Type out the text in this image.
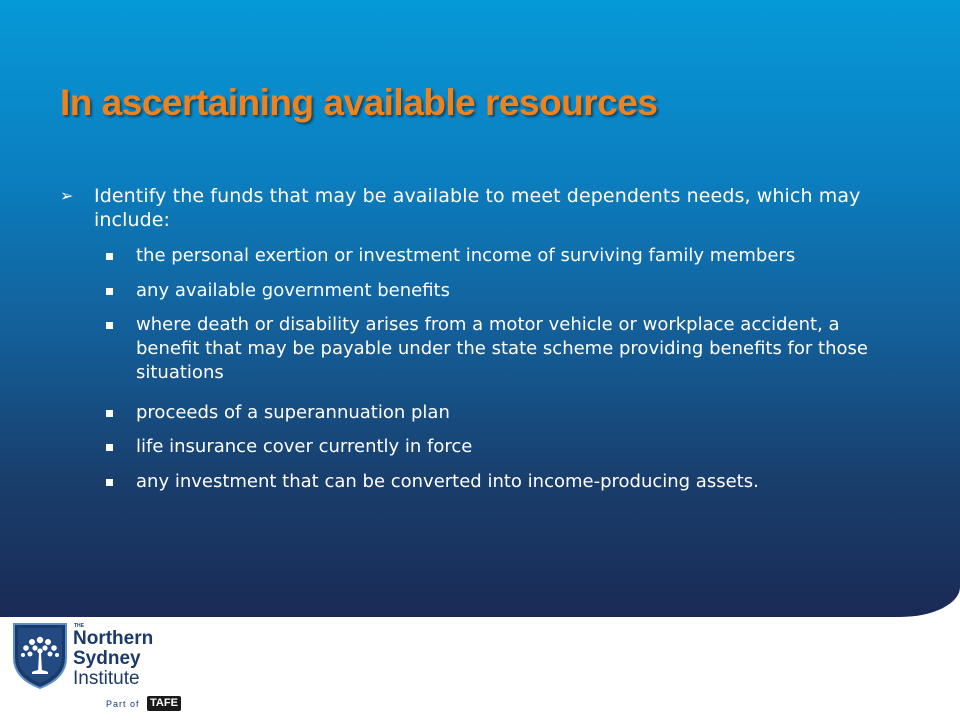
In ascertaining available resources
➢	Identify the funds that may be available to meet dependents needs, which may include:
the personal exertion or investment income of surviving family members
any available government benefits
where death or disability arises from a motor vehicle or workplace accident, a benefit that may be payable under the state scheme providing benefits for those situations
proceeds of a superannuation plan
life insurance cover currently in force
any investment that can be converted into income-producing assets.
THE
Northern
Sydney
Institute
Part of TAFE
